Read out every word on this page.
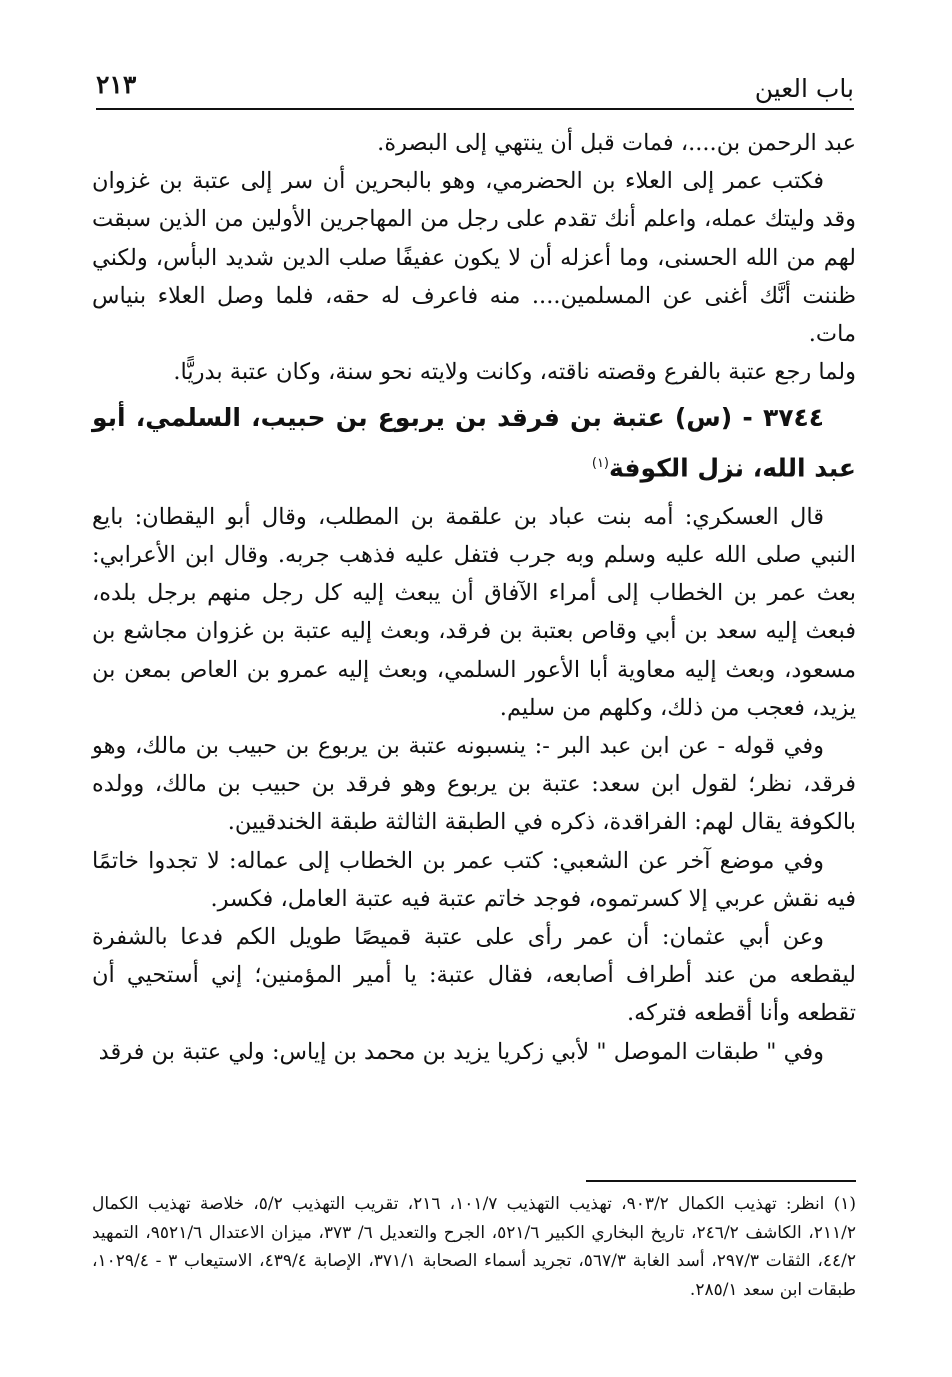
باب العين
٢١٣

عبد الرحمن بن....، فمات قبل أن ينتهي إلى البصرة.

فكتب عمر إلى العلاء بن الحضرمي، وهو بالبحرين أن سر إلى عتبة بن غزوان وقد وليتك عمله، واعلم أنك تقدم على رجل من المهاجرين الأولين من الذين سبقت لهم من الله الحسنى، وما أعزله أن لا يكون عفيفًا صلب الدين شديد البأس، ولكني ظننت أنَّك أغنى عن المسلمين.... منه فاعرف له حقه، فلما وصل العلاء بنياس مات.

ولما رجع عتبة بالفرع وقصته ناقته، وكانت ولايته نحو سنة، وكان عتبة بدريًّا.

٣٧٤٤ - (س) عتبة بن فرقد بن يربوع بن حبيب، السلمي، أبو عبد الله، نزل الكوفة$^{(١)}$

قال العسكري: أمه بنت عباد بن علقمة بن المطلب، وقال أبو اليقطان: بايع النبي صلى الله عليه وسلم وبه جرب فتفل عليه فذهب جربه. وقال ابن الأعرابي: بعث عمر بن الخطاب إلى أمراء الآفاق أن يبعث إليه كل رجل منهم برجل بلده، فبعث إليه سعد بن أبي وقاص بعتبة بن فرقد، وبعث إليه عتبة بن غزوان مجاشع بن مسعود، وبعث إليه معاوية أبا الأعور السلمي، وبعث إليه عمرو بن العاص بمعن بن يزيد، فعجب من ذلك، وكلهم من سليم.

وفي قوله - عن ابن عبد البر -: ينسبونه عتبة بن يربوع بن حبيب بن مالك، وهو فرقد، نظر؛ لقول ابن سعد: عتبة بن يربوع وهو فرقد بن حبيب بن مالك، وولده بالكوفة يقال لهم: الفراقدة، ذكره في الطبقة الثالثة طبقة الخندقيين.

وفي موضع آخر عن الشعبي: كتب عمر بن الخطاب إلى عماله: لا تجدوا خاتمًا فيه نقش عربي إلا كسرتموه، فوجد خاتم عتبة فيه عتبة العامل، فكسر.

وعن أبي عثمان: أن عمر رأى على عتبة قميصًا طويل الكم فدعا بالشفرة ليقطعه من عند أطراف أصابعه، فقال عتبة: يا أمير المؤمنين؛ إني أستحيي أن تقطعه وأنا أقطعه فتركه.

وفي " طبقات الموصل " لأبي زكريا يزيد بن محمد بن إياس: ولي عتبة بن فرقد

(١) انظر: تهذيب الكمال ٩٠٣/٢، تهذيب التهذيب ١٠١/٧، ٢١٦، تقريب التهذيب ٥/٢، خلاصة تهذيب الكمال ٢١١/٢، الكاشف ٢٤٦/٢، تاريخ البخاري الكبير ٥٢١/٦، الجرح والتعديل ٦/ ٣٧٣، ميزان الاعتدال ٩٥٢١/٦، التمهيد ٤٤/٢، الثقات ٢٩٧/٣، أسد الغابة ٥٦٧/٣، تجريد أسماء الصحابة ٣٧١/١، الإصابة ٤٣٩/٤، الاستيعاب ٣ - ١٠٢٩/٤، طبقات ابن سعد ٢٨٥/١.
